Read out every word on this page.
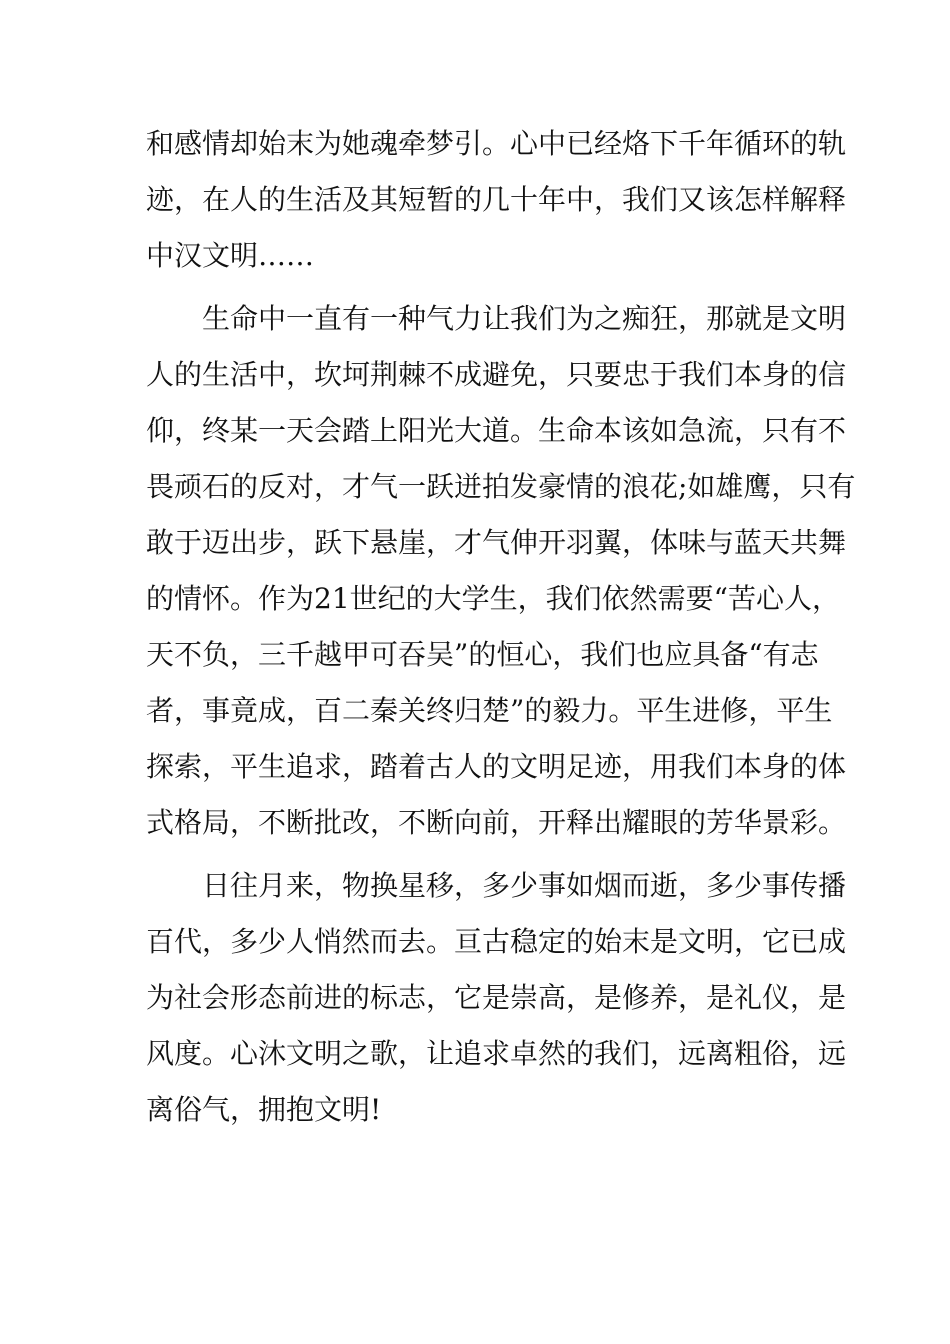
和感情却始末为她魂牵梦引。心中已经烙下千年循环的轨
迹，在人的生活及其短暂的几十年中，我们又该怎样解释
中汉文明……
生命中一直有一种气力让我们为之痴狂，那就是文明
人的生活中，坎坷荆棘不成避免，只要忠于我们本身的信
仰，终某一天会踏上阳光大道。生命本该如急流，只有不
畏顽石的反对，才气一跃迸拍发豪情的浪花;如雄鹰，只有
敢于迈出步，跃下悬崖，才气伸开羽翼，体味与蓝天共舞
的情怀。作为21世纪的大学生，我们依然需要“苦心人，
天不负，三千越甲可吞吴”的恒心，我们也应具备“有志
者，事竟成，百二秦关终归楚”的毅力。平生进修，平生
探索，平生追求，踏着古人的文明足迹，用我们本身的体
式格局，不断批改，不断向前，开释出耀眼的芳华景彩。
日往月来，物换星移，多少事如烟而逝，多少事传播
百代，多少人悄然而去。亘古稳定的始末是文明，它已成
为社会形态前进的标志，它是崇高，是修养，是礼仪，是
风度。心沐文明之歌，让追求卓然的我们，远离粗俗，远
离俗气，拥抱文明!
